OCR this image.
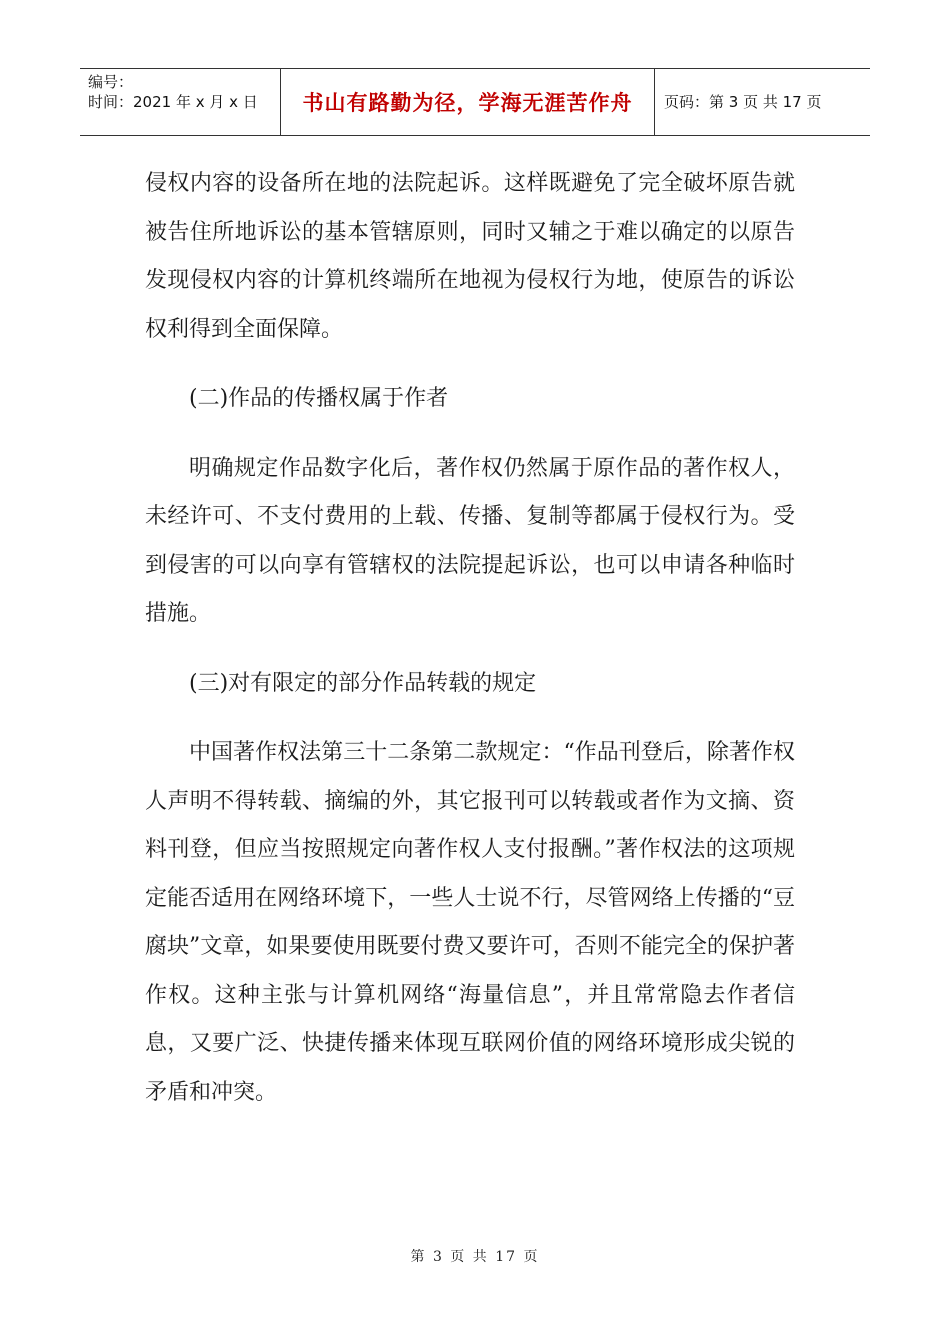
编号：
时间：2021 年 x 月 x 日	书山有路勤为径，学海无涯苦作舟 页码：第 3 页 共 17 页

侵权内容的设备所在地的法院起诉。这样既避免了完全破坏原告就被告住所地诉讼的基本管辖原则，同时又辅之于难以确定的以原告发现侵权内容的计算机终端所在地视为侵权行为地，使原告的诉讼权利得到全面保障。

(二)作品的传播权属于作者

明确规定作品数字化后，著作权仍然属于原作品的著作权人，未经许可、不支付费用的上载、传播、复制等都属于侵权行为。受到侵害的可以向享有管辖权的法院提起诉讼，也可以申请各种临时措施。

(三)对有限定的部分作品转载的规定

中国著作权法第三十二条第二款规定：“作品刊登后，除著作权人声明不得转载、摘编的外，其它报刊可以转载或者作为文摘、资料刊登，但应当按照规定向著作权人支付报酬。”著作权法的这项规定能否适用在网络环境下，一些人士说不行，尽管网络上传播的“豆腐块”文章，如果要使用既要付费又要许可，否则不能完全的保护著作权。这种主张与计算机网络“海量信息”，并且常常隐去作者信息，又要广泛、快捷传播来体现互联网价值的网络环境形成尖锐的矛盾和冲突。

第 3 页 共 17 页
